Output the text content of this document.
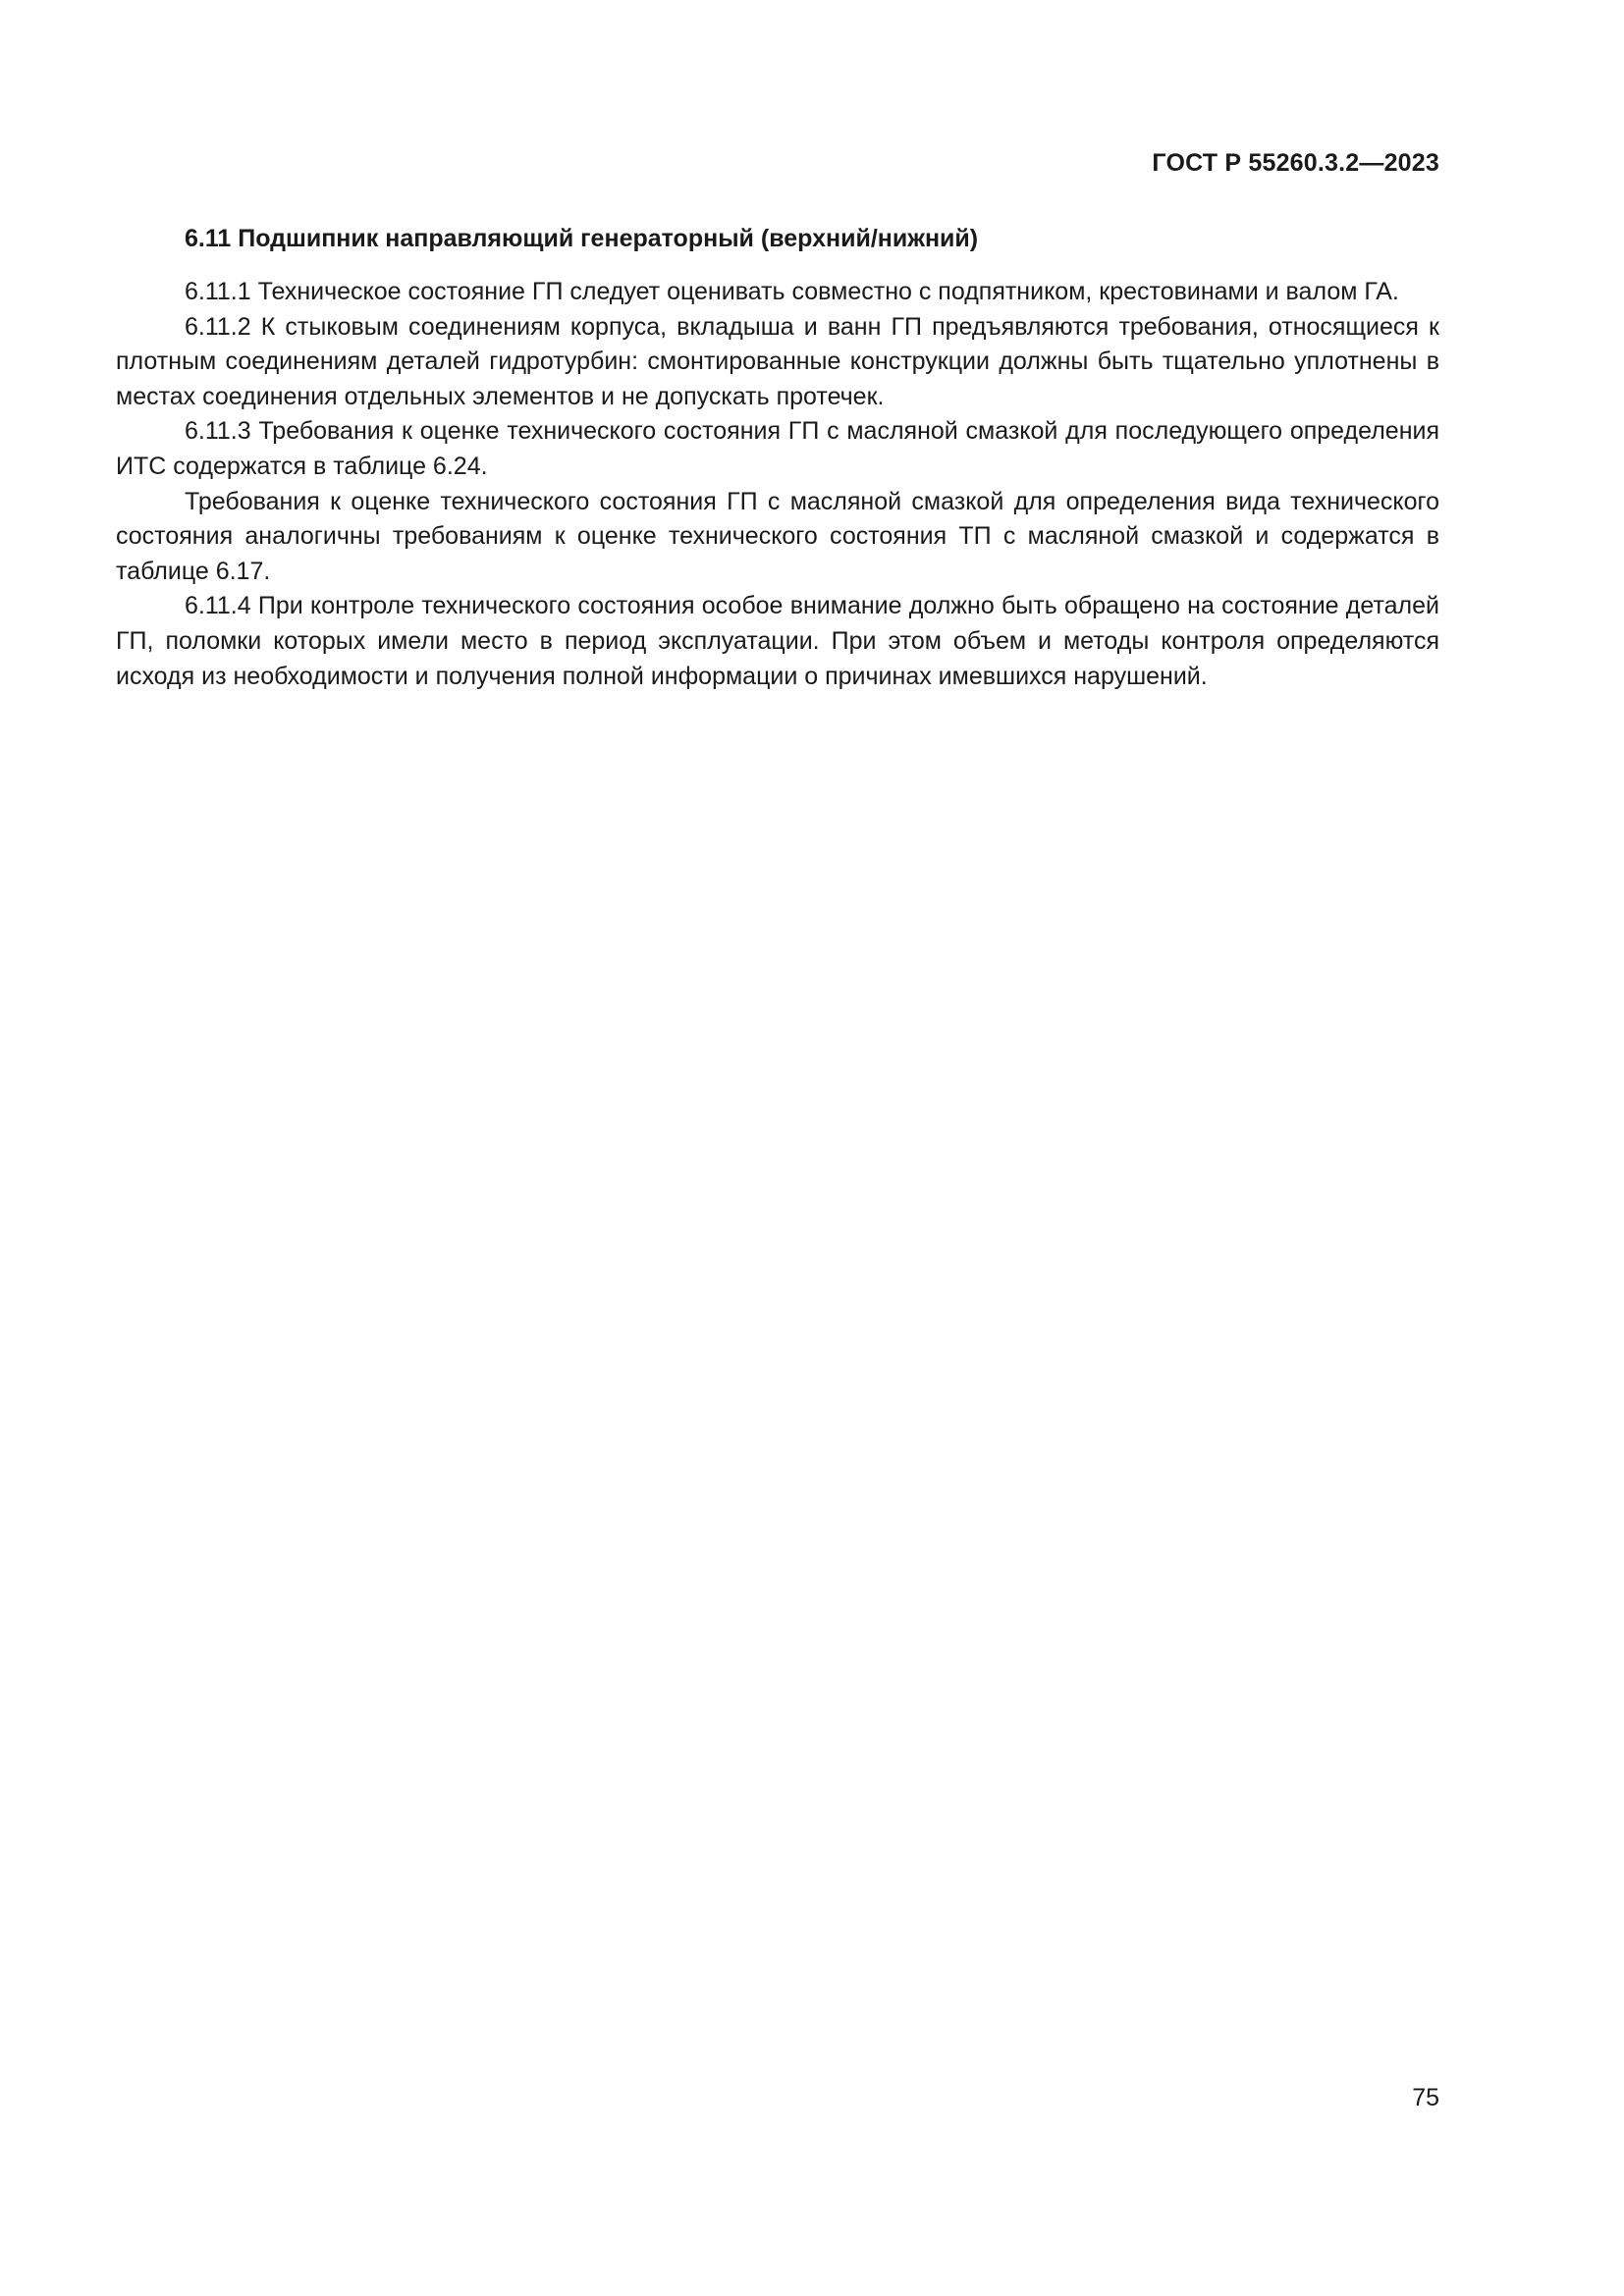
ГОСТ Р 55260.3.2—2023
6.11 Подшипник направляющий генераторный (верхний/нижний)

6.11.1 Техническое состояние ГП следует оценивать совместно с подпятником, крестовинами и валом ГА.

6.11.2 К стыковым соединениям корпуса, вкладыша и ванн ГП предъявляются требования, относящиеся к плотным соединениям деталей гидротурбин: смонтированные конструкции должны быть тщательно уплотнены в местах соединения отдельных элементов и не допускать протечек.

6.11.3 Требования к оценке технического состояния ГП с масляной смазкой для последующего определения ИТС содержатся в таблице 6.24.

Требования к оценке технического состояния ГП с масляной смазкой для определения вида технического состояния аналогичны требованиям к оценке технического состояния ТП с масляной смазкой и содержатся в таблице 6.17.

6.11.4 При контроле технического состояния особое внимание должно быть обращено на состояние деталей ГП, поломки которых имели место в период эксплуатации. При этом объем и методы контроля определяются исходя из необходимости и получения полной информации о причинах имевшихся нарушений.

75
